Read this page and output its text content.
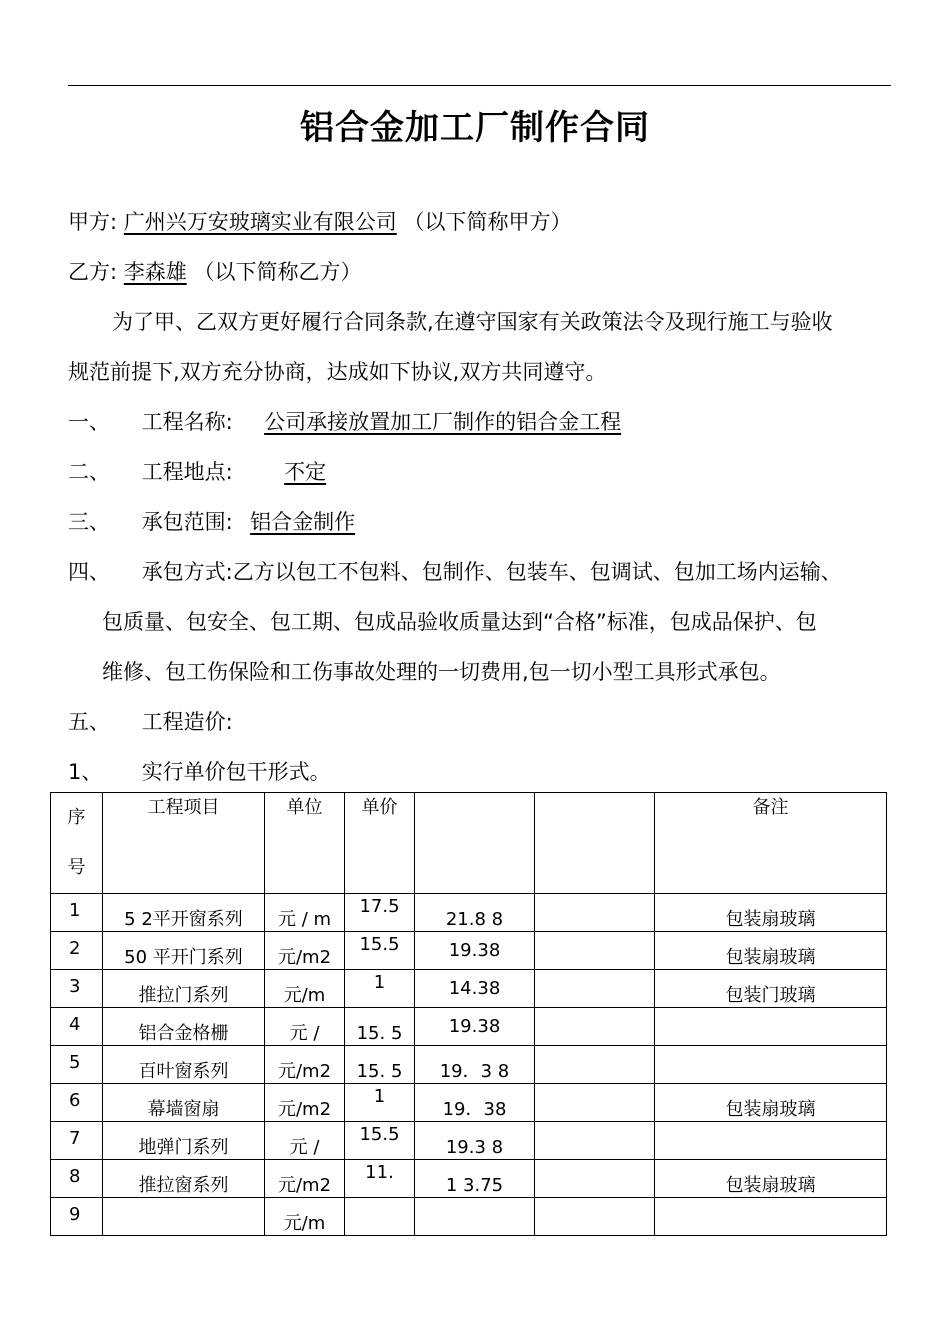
铝合金加工厂制作合同
甲方: 广州兴万安玻璃实业有限公司 （以下简称甲方）
乙方: 李森雄 （以下简称乙方）
为了甲、乙双方更好履行合同条款,在遵守国家有关政策法令及现行施工与验收
规范前提下,双方充分协商，达成如下协议,双方共同遵守。
一、 工程名称: 公司承接放置加工厂制作的铝合金工程
二、 工程地点: 不定
三、 承包范围: 铝合金制作
四、 承包方式:乙方以包工不包料、包制作、包装车、包调试、包加工场内运输、
包质量、包安全、包工期、包成品验收质量达到“合格”标准，包成品保护、包
维修、包工伤保险和工伤事故处理的一切费用,包一切小型工具形式承包。
五、 工程造价:
1、 实行单价包干形式。
序
号	工程项目	单位	单价			备注

1	5 2平开窗系列	元 / m	17.5	21.8 8		包装扇玻璃

2	50 平开门系列	元/m2	15.5	19.38		包装扇玻璃

3	推拉门系列	元/m	1	14.38		包装门玻璃

4	铝合金格栅	元 /	15. 5	19.38		

5	百叶窗系列	元/m2	15. 5	19．3 8		

6	幕墙窗扇	元/m2	1	19．38		包装扇玻璃

7	地弹门系列	元 /	15.5	19.3 8		

8	推拉窗系列	元/m2	11.	1 3.75		包装扇玻璃

9		元/m				
